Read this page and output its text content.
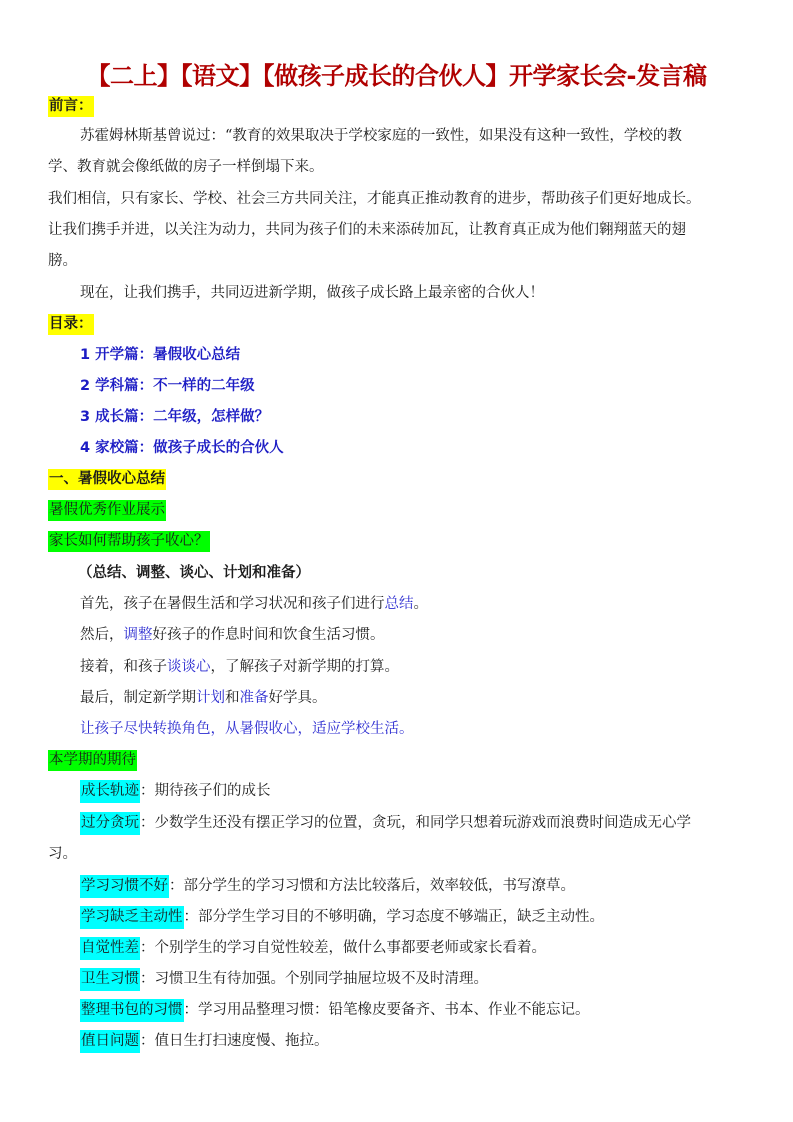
【二上】【语文】【做孩子成长的合伙人】开学家长会-发言稿
前言：
苏霍姆林斯基曾说过：“教育的效果取决于学校家庭的一致性，如果没有这种一致性，学校的教
学、教育就会像纸做的房子一样倒塌下来。
我们相信，只有家长、学校、社会三方共同关注，才能真正推动教育的进步，帮助孩子们更好地成长。
让我们携手并进，以关注为动力，共同为孩子们的未来添砖加瓦，让教育真正成为他们翱翔蓝天的翅
膀。
现在，让我们携手，共同迈进新学期，做孩子成长路上最亲密的合伙人！
目录：
1 开学篇：暑假收心总结
2 学科篇：不一样的二年级
3 成长篇：二年级，怎样做？
4 家校篇：做孩子成长的合伙人
一、暑假收心总结
暑假优秀作业展示
家长如何帮助孩子收心？
（总结、调整、谈心、计划和准备）
首先，孩子在暑假生活和学习状况和孩子们进行总结。
然后，调整好孩子的作息时间和饮食生活习惯。
接着，和孩子谈谈心，了解孩子对新学期的打算。
最后，制定新学期计划和准备好学具。
让孩子尽快转换角色，从暑假收心，适应学校生活。
本学期的期待
成长轨迹：期待孩子们的成长
过分贪玩：少数学生还没有摆正学习的位置，贪玩，和同学只想着玩游戏而浪费时间造成无心学
习。
学习习惯不好：部分学生的学习习惯和方法比较落后，效率较低，书写潦草。
学习缺乏主动性：部分学生学习目的不够明确，学习态度不够端正，缺乏主动性。
自觉性差：个别学生的学习自觉性较差，做什么事都要老师或家长看着。
卫生习惯：习惯卫生有待加强。个别同学抽屉垃圾不及时清理。
整理书包的习惯：学习用品整理习惯：铅笔橡皮要备齐、书本、作业不能忘记。
值日问题：值日生打扫速度慢、拖拉。
